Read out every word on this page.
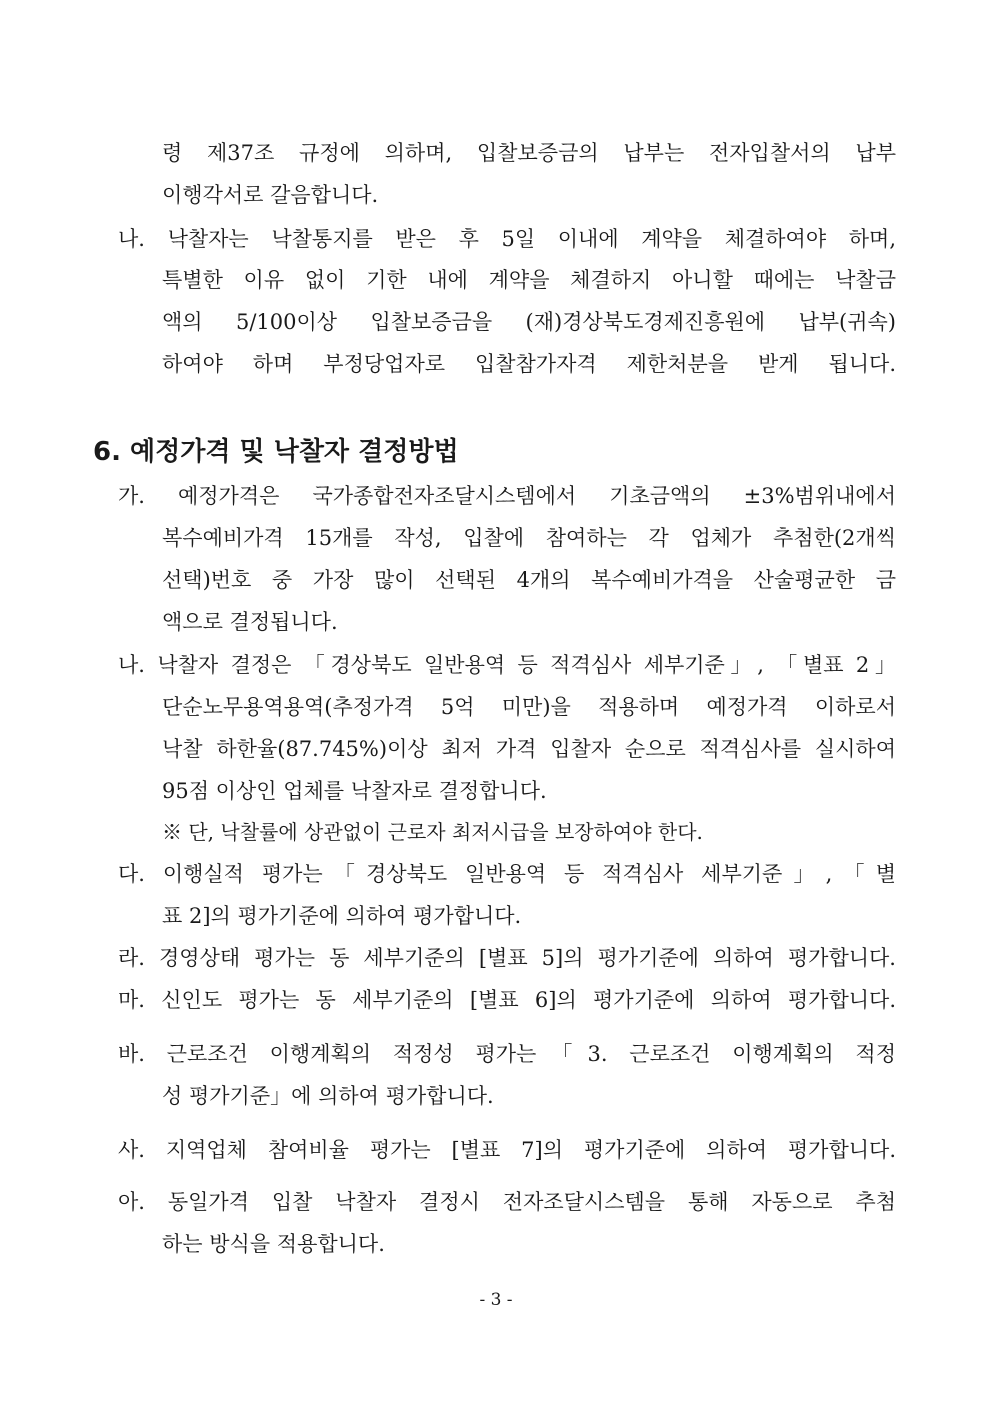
령 제37조 규정에 의하며, 입찰보증금의 납부는 전자입찰서의 납부
이행각서로 갈음합니다.
나. 낙찰자는 낙찰통지를 받은 후 5일 이내에 계약을 체결하여야 하며,
특별한 이유 없이 기한 내에 계약을 체결하지 아니할 때에는 낙찰금
액의 5/100이상 입찰보증금을 (재)경상북도경제진흥원에 납부(귀속)
하여야 하며 부정당업자로 입찰참가자격 제한처분을 받게 됩니다.
6. 예정가격 및 낙찰자 결정방법
가. 예정가격은 국가종합전자조달시스템에서 기초금액의 ±3%범위내에서
복수예비가격 15개를 작성, 입찰에 참여하는 각 업체가 추첨한(2개씩
선택)번호 중 가장 많이 선택된 4개의 복수예비가격을 산술평균한 금
액으로 결정됩니다.
나. 낙찰자 결정은 「경상북도 일반용역 등 적격심사 세부기준」, 「별표 2」
단순노무용역용역(추정가격 5억 미만)을 적용하며 예정가격 이하로서
낙찰 하한율(87.745%)이상 최저 가격 입찰자 순으로 적격심사를 실시하여
95점 이상인 업체를 낙찰자로 결정합니다.
※ 단, 낙찰률에 상관없이 근로자 최저시급을 보장하여야 한다.
다. 이행실적 평가는「경상북도 일반용역 등 적격심사 세부기준」,「별
표 2]의 평가기준에 의하여 평가합니다.
라. 경영상태 평가는 동 세부기준의 [별표 5]의 평가기준에 의하여 평가합니다.
마. 신인도 평가는 동 세부기준의 [별표 6]의 평가기준에 의하여 평가합니다.
바. 근로조건 이행계획의 적정성 평가는「3. 근로조건 이행계획의 적정
성 평가기준」에 의하여 평가합니다.
사. 지역업체 참여비율 평가는 [별표 7]의 평가기준에 의하여 평가합니다.
아. 동일가격 입찰 낙찰자 결정시 전자조달시스템을 통해 자동으로 추첨
하는 방식을 적용합니다.
- 3 -
